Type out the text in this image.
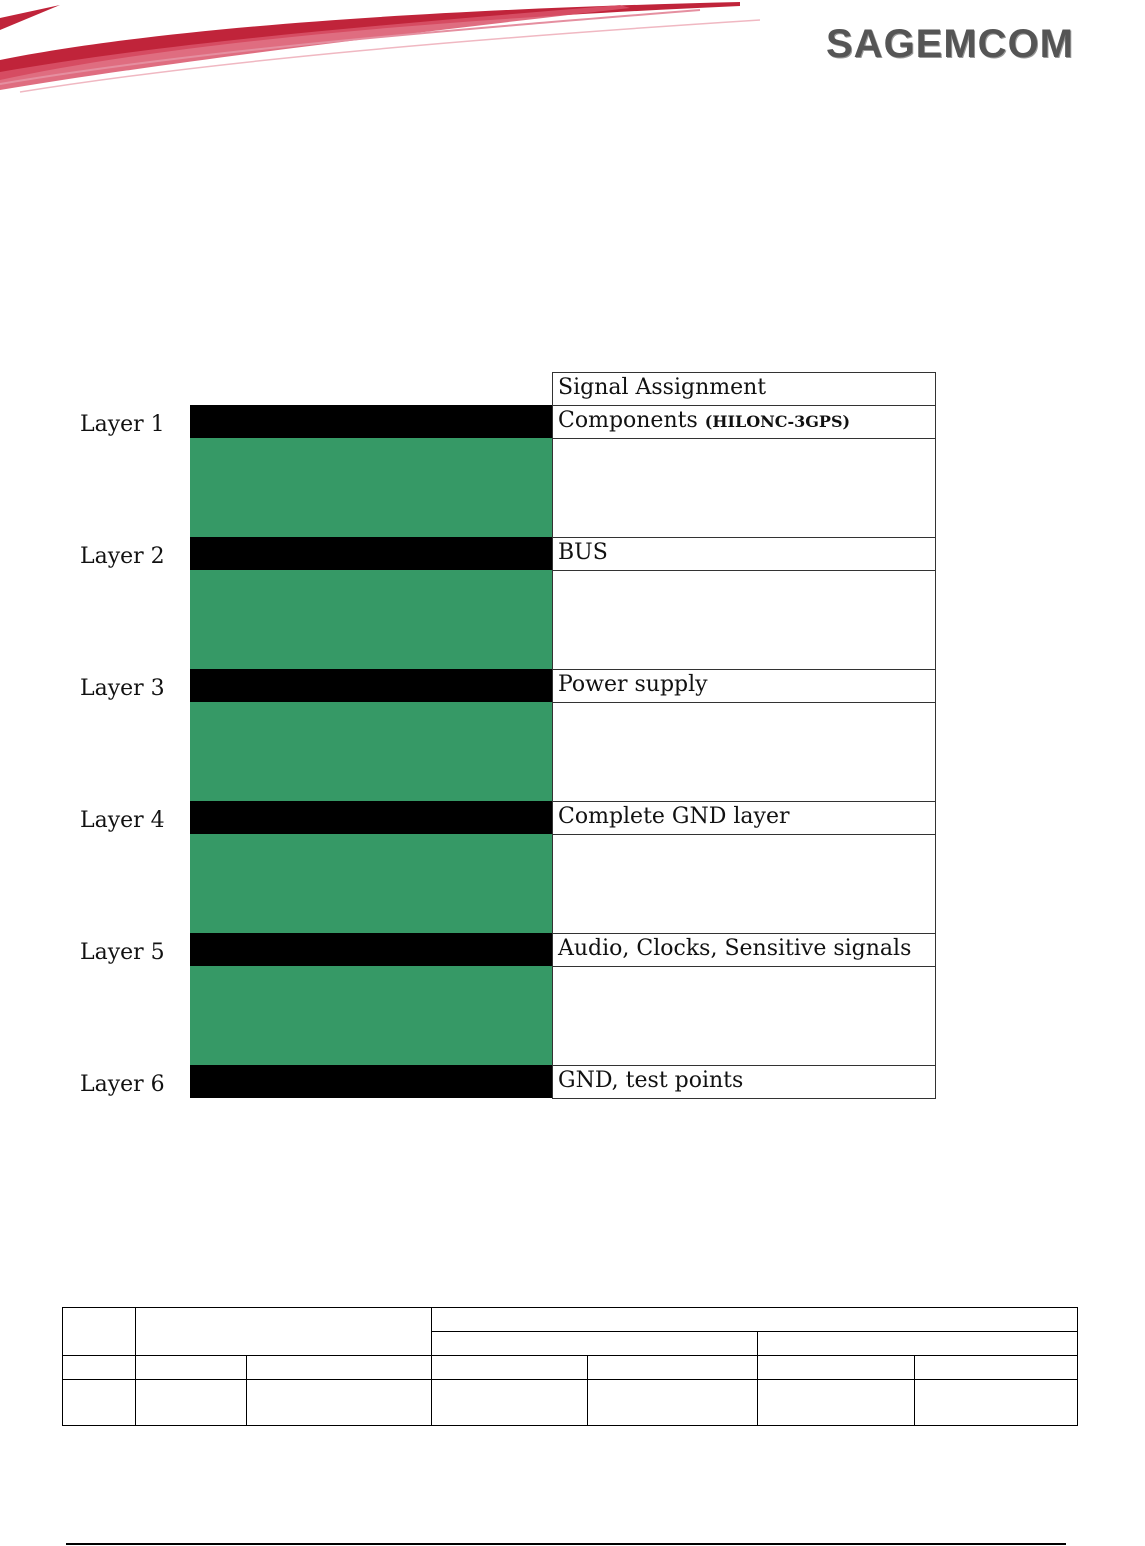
SAGEMCOM
Signal Assignment
Layer 1	Components (HILONC-3GPS)
Layer 2	BUS
Layer 3	Power supply
Layer 4	Complete GND layer
Layer 5	Audio, Clocks, Sensitive signals
Layer 6	GND, test points
